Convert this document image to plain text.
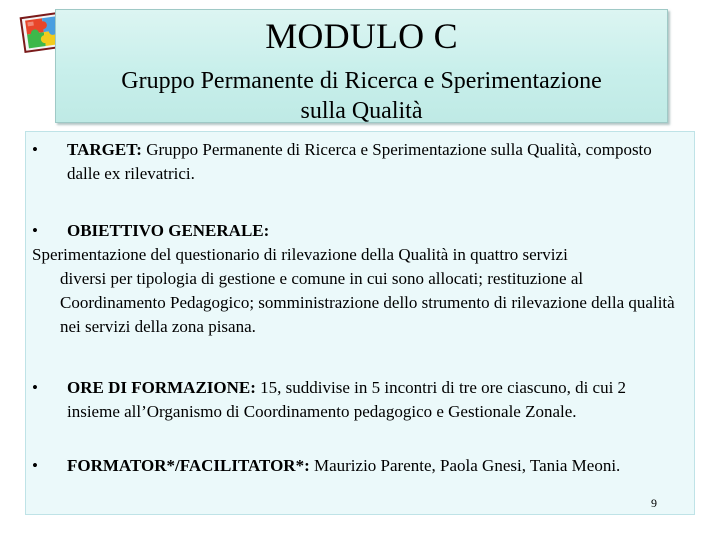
MODULO C
Gruppo Permanente di Ricerca e Sperimentazione
sulla Qualità
•	TARGET: Gruppo Permanente di Ricerca e Sperimentazione sulla Qualità, composto dalle ex rilevatrici.
•	OBIETTIVO GENERALE:
Sperimentazione del questionario di rilevazione della Qualità in quattro servizi
diversi per tipologia di gestione e comune in cui sono allocati; restituzione al Coordinamento Pedagogico; somministrazione dello strumento di rilevazione della qualità nei servizi della zona pisana.
•	ORE DI FORMAZIONE: 15, suddivise in 5 incontri di tre ore ciascuno, di cui 2 insieme all’Organismo di Coordinamento pedagogico e Gestionale Zonale.
•	FORMATOR*/FACILITATOR*: Maurizio Parente, Paola Gnesi, Tania Meoni.
9
